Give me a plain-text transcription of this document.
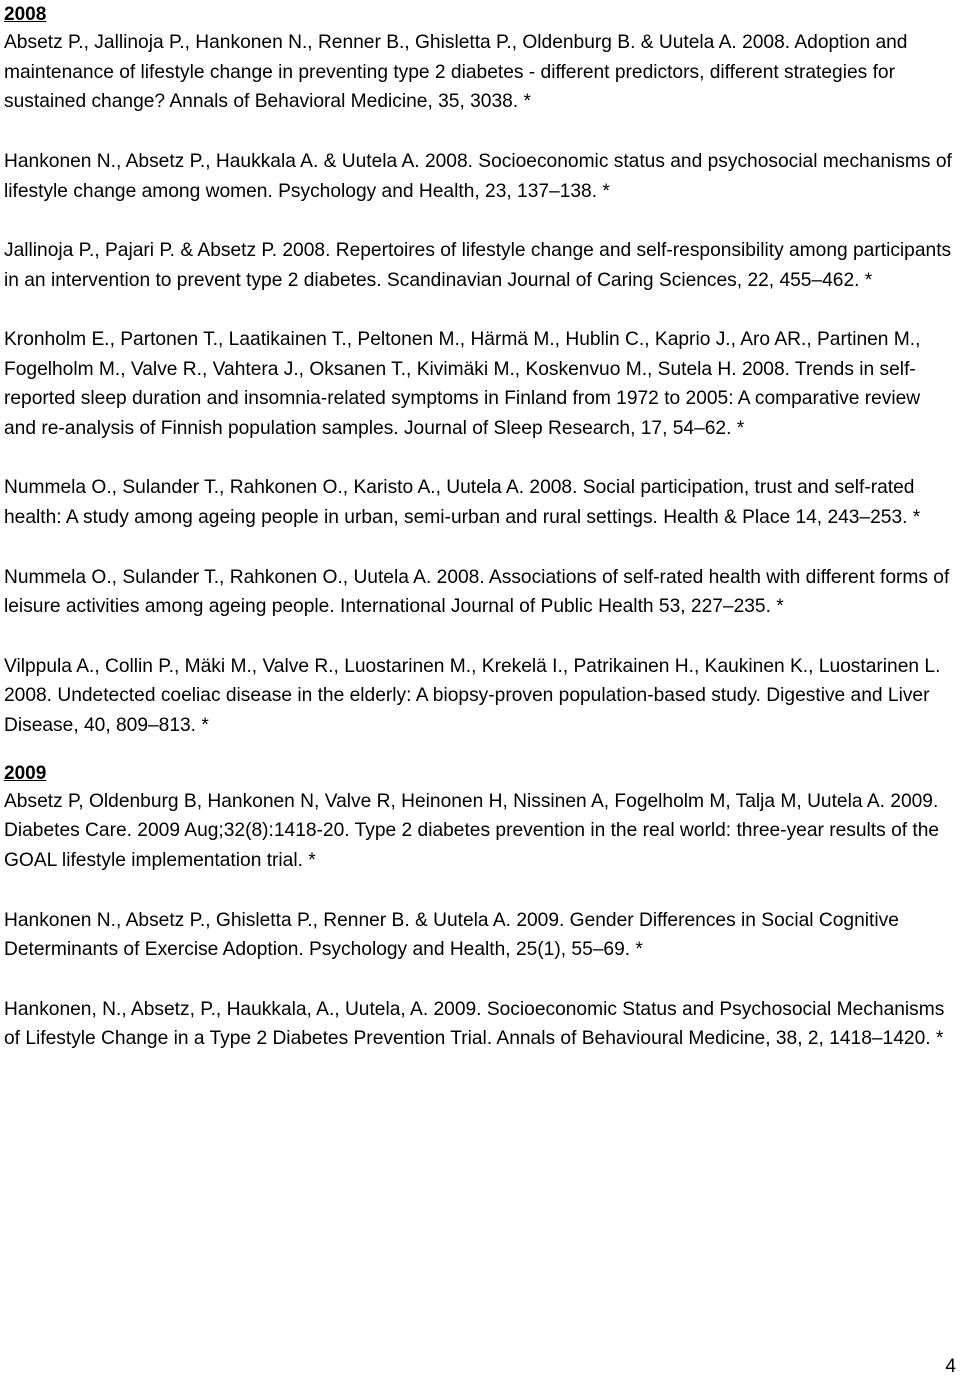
2008

Absetz P., Jallinoja P., Hankonen N., Renner B., Ghisletta P., Oldenburg B. & Uutela A. 2008. Adoption and maintenance of lifestyle change in preventing type 2 diabetes - different predictors, different strategies for sustained change? Annals of Behavioral Medicine, 35, 3038. *

Hankonen N., Absetz P., Haukkala A. & Uutela A. 2008. Socioeconomic status and psychosocial mechanisms of lifestyle change among women. Psychology and Health, 23, 137–138. *

Jallinoja P., Pajari P. & Absetz P. 2008. Repertoires of lifestyle change and self-responsibility among participants in an intervention to prevent type 2 diabetes. Scandinavian Journal of Caring Sciences, 22, 455–462. *

Kronholm E., Partonen T., Laatikainen T., Peltonen M., Härmä M., Hublin C., Kaprio J., Aro AR., Partinen M., Fogelholm M., Valve R., Vahtera J., Oksanen T., Kivimäki M., Koskenvuo M., Sutela H. 2008. Trends in self-reported sleep duration and insomnia-related symptoms in Finland from 1972 to 2005: A comparative review and re-analysis of Finnish population samples. Journal of Sleep Research, 17, 54–62. *

Nummela O., Sulander T., Rahkonen O., Karisto A., Uutela A. 2008. Social participation, trust and self-rated health: A study among ageing people in urban, semi-urban and rural settings. Health & Place 14, 243–253. *

Nummela O., Sulander T., Rahkonen O., Uutela A. 2008. Associations of self-rated health with different forms of leisure activities among ageing people. International Journal of Public Health 53, 227–235. *

Vilppula A., Collin P., Mäki M., Valve R., Luostarinen M., Krekelä I., Patrikainen H., Kaukinen K., Luostarinen L. 2008. Undetected coeliac disease in the elderly: A biopsy-proven population-based study. Digestive and Liver Disease, 40, 809–813. *

2009

Absetz P, Oldenburg B, Hankonen N, Valve R, Heinonen H, Nissinen A, Fogelholm M, Talja M, Uutela A. 2009. Diabetes Care. 2009 Aug;32(8):1418-20. Type 2 diabetes prevention in the real world: three-year results of the GOAL lifestyle implementation trial. *

Hankonen N., Absetz P., Ghisletta P., Renner B. & Uutela A. 2009. Gender Differences in Social Cognitive Determinants of Exercise Adoption. Psychology and Health, 25(1), 55–69. *

Hankonen, N., Absetz, P., Haukkala, A., Uutela, A. 2009. Socioeconomic Status and Psychosocial Mechanisms of Lifestyle Change in a Type 2 Diabetes Prevention Trial. Annals of Behavioural Medicine, 38, 2, 1418–1420. *

4
